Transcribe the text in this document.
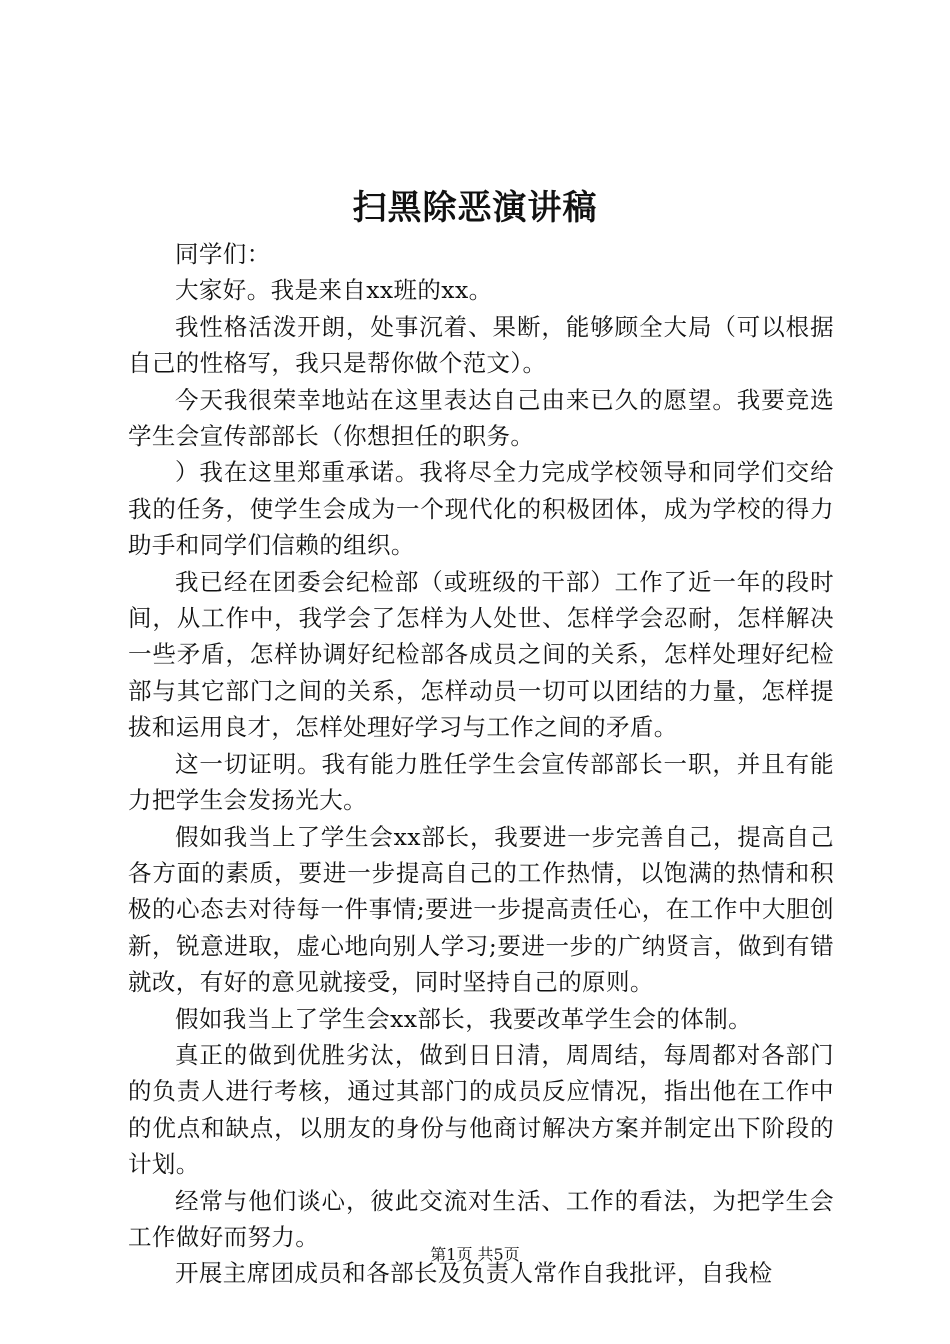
扫黑除恶演讲稿

同学们：

大家好。我是来自xx班的xx。

我性格活泼开朗，处事沉着、果断，能够顾全大局（可以根据自己的性格写，我只是帮你做个范文）。

今天我很荣幸地站在这里表达自己由来已久的愿望。我要竞选学生会宣传部部长（你想担任的职务。

）我在这里郑重承诺。我将尽全力完成学校领导和同学们交给我的任务，使学生会成为一个现代化的积极团体，成为学校的得力助手和同学们信赖的组织。

我已经在团委会纪检部（或班级的干部）工作了近一年的段时间，从工作中，我学会了怎样为人处世、怎样学会忍耐，怎样解决一些矛盾，怎样协调好纪检部各成员之间的关系，怎样处理好纪检部与其它部门之间的关系，怎样动员一切可以团结的力量，怎样提拔和运用良才，怎样处理好学习与工作之间的矛盾。

这一切证明。我有能力胜任学生会宣传部部长一职，并且有能力把学生会发扬光大。

假如我当上了学生会xx部长，我要进一步完善自己，提高自己各方面的素质，要进一步提高自己的工作热情，以饱满的热情和积极的心态去对待每一件事情;要进一步提高责任心，在工作中大胆创新，锐意进取，虚心地向别人学习;要进一步的广纳贤言，做到有错就改，有好的意见就接受，同时坚持自己的原则。

假如我当上了学生会xx部长，我要改革学生会的体制。

真正的做到优胜劣汰，做到日日清，周周结，每周都对各部门的负责人进行考核，通过其部门的成员反应情况，指出他在工作中的优点和缺点，以朋友的身份与他商讨解决方案并制定出下阶段的计划。

经常与他们谈心，彼此交流对生活、工作的看法，为把学生会工作做好而努力。

开展主席团成员和各部长及负责人常作自我批评，自我检

第1页 共5页
